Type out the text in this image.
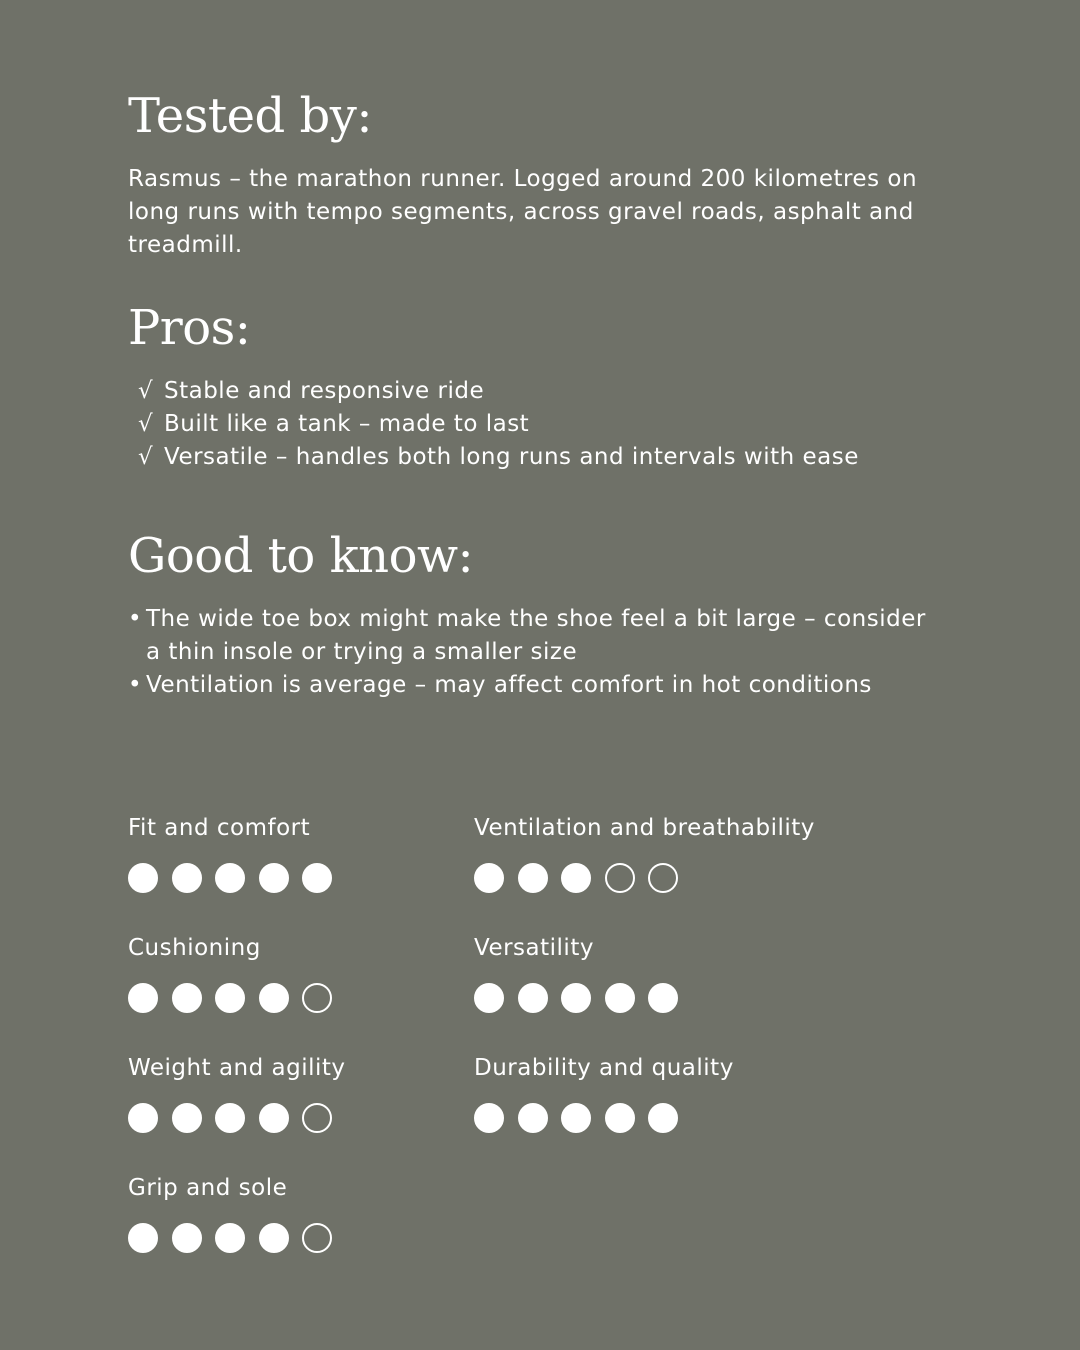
Tested by:

Rasmus – the marathon runner. Logged around 200 kilometres on long runs with tempo segments, across gravel roads, asphalt and treadmill.

Pros:
√ Stable and responsive ride
√ Built like a tank – made to last
√ Versatile – handles both long runs and intervals with ease
Good to know:
• The wide toe box might make the shoe feel a bit large – consider a thin insole or trying a smaller size
• Ventilation is average – may affect comfort in hot conditions
Fit and comfort	Ventilation and breathability
Cushioning	Versatility
Weight and agility	Durability and quality
Grip and sole
